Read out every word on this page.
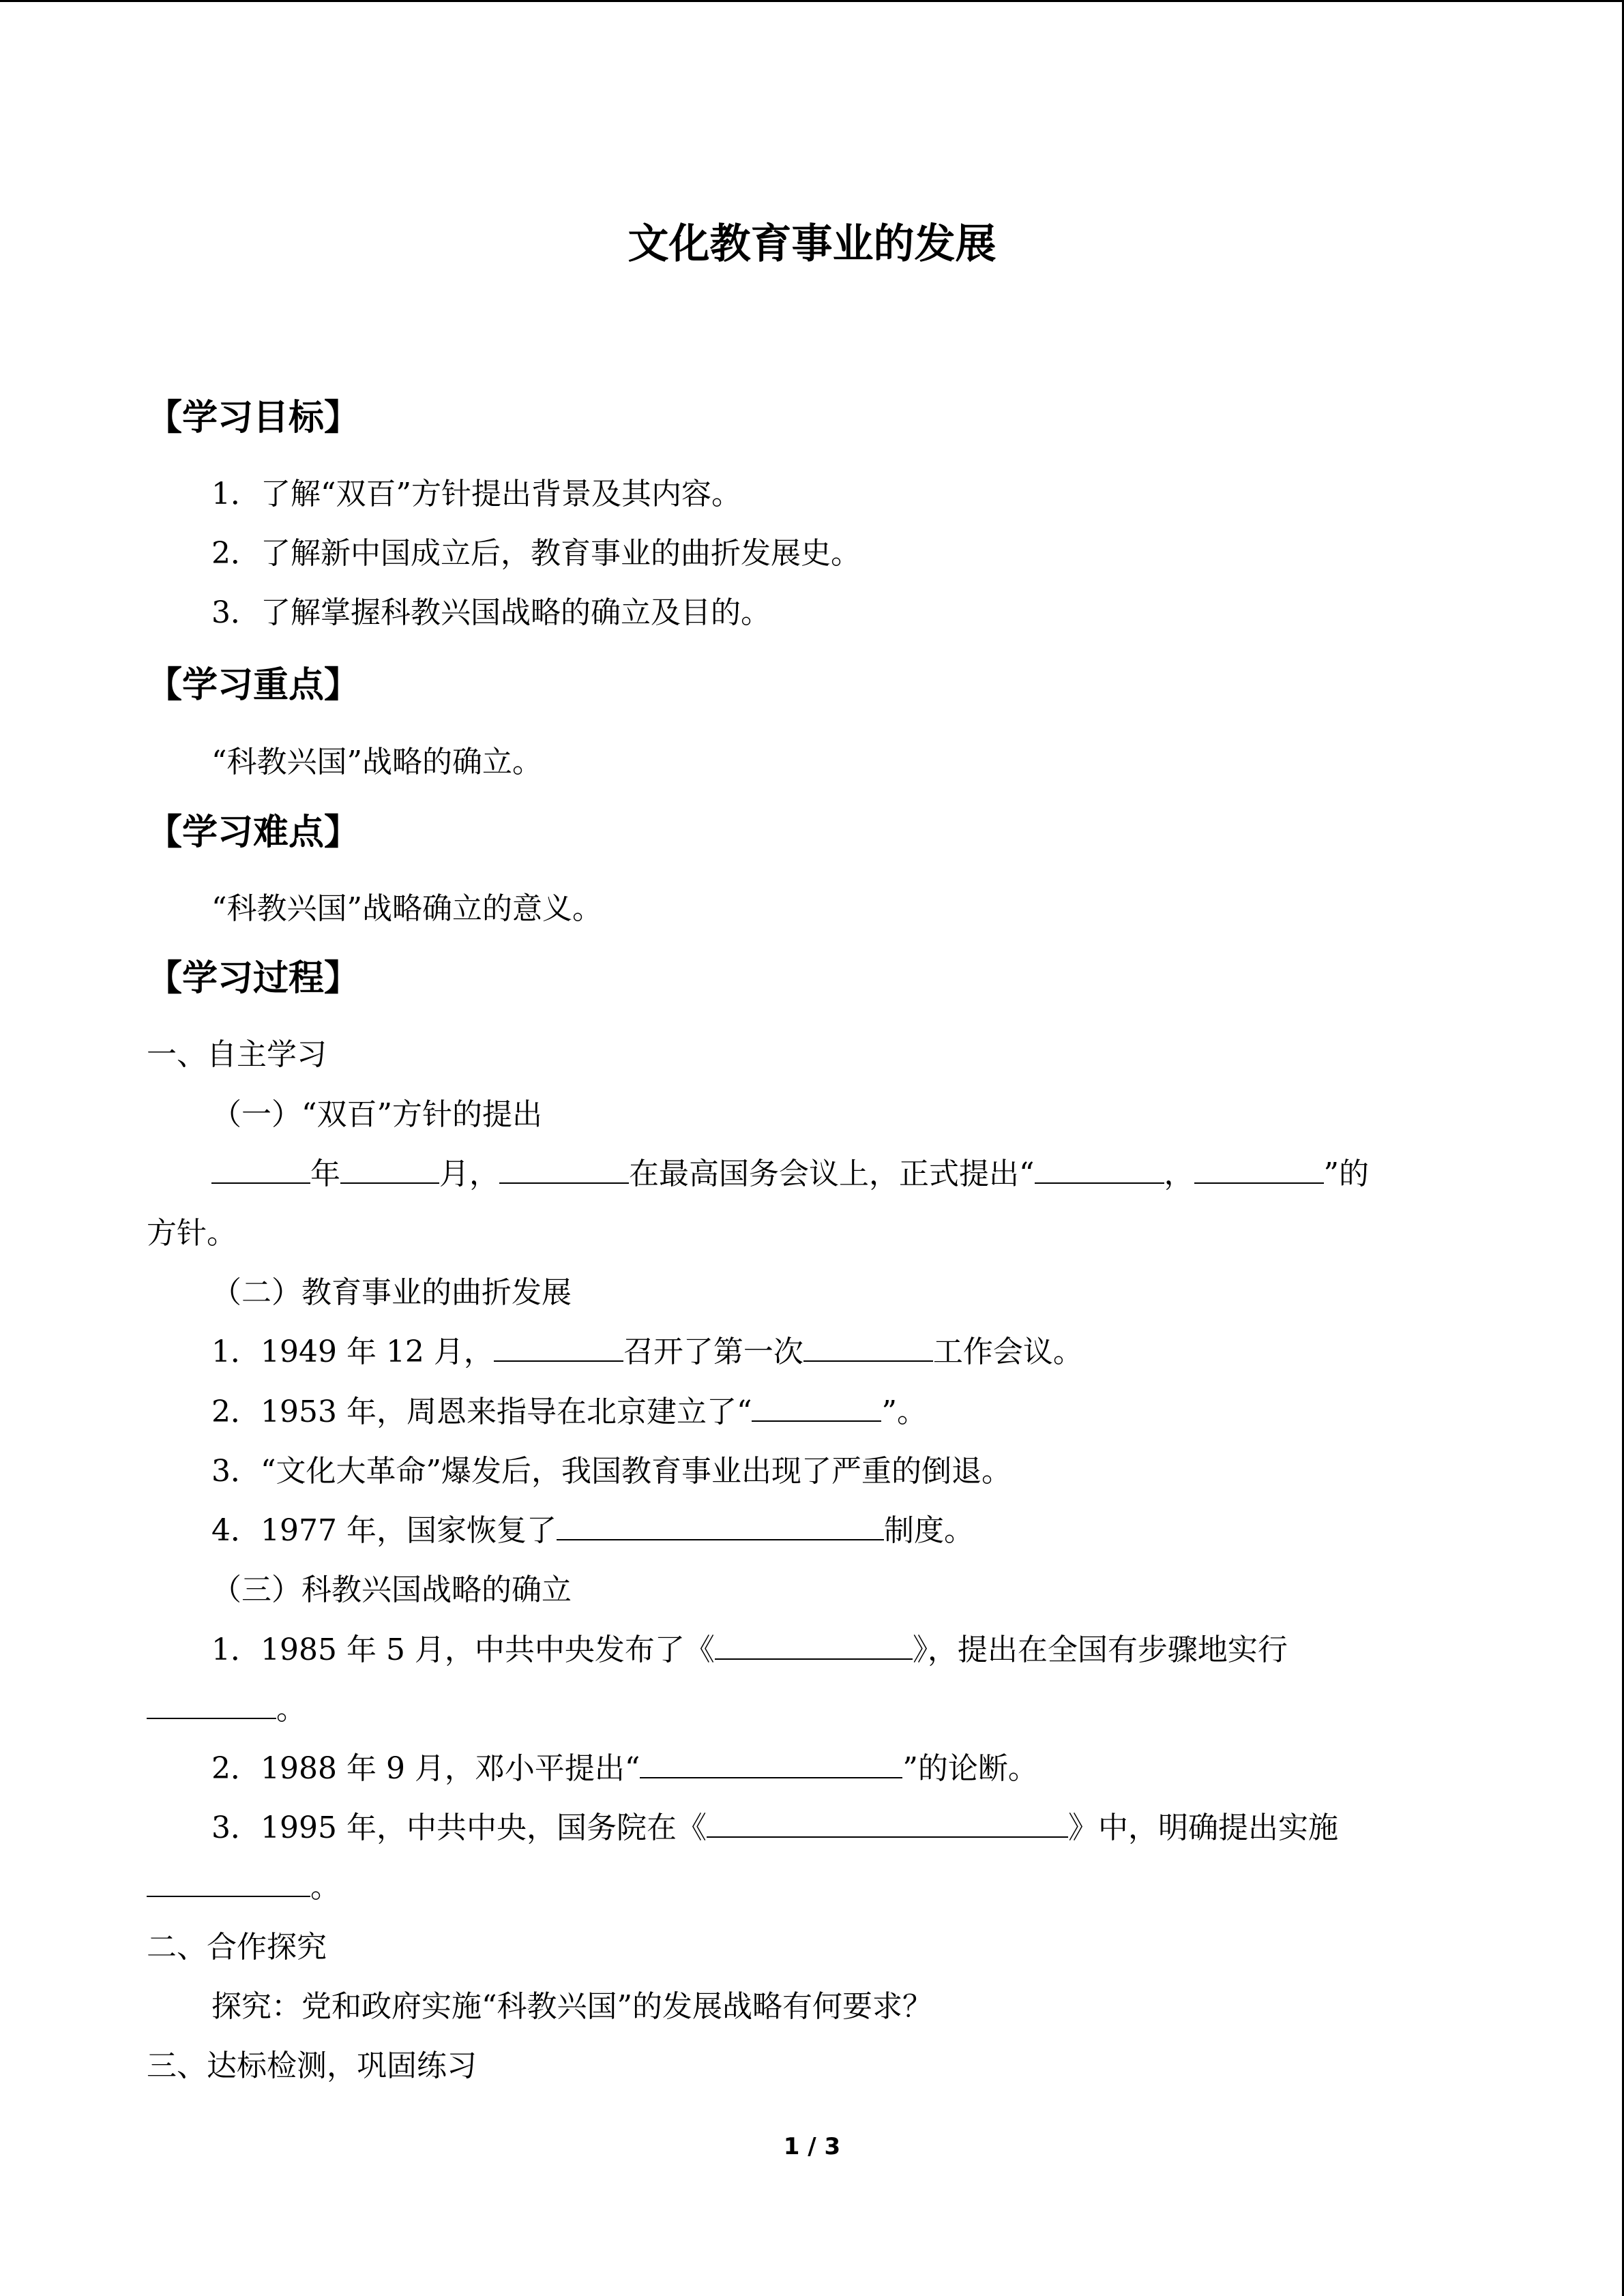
文化教育事业的发展
【学习目标】
1．了解“双百”方针提出背景及其内容。
2．了解新中国成立后，教育事业的曲折发展史。
3．了解掌握科教兴国战略的确立及目的。
【学习重点】
“科教兴国”战略的确立。
【学习难点】
“科教兴国”战略确立的意义。
【学习过程】
一、自主学习
（一）“双百”方针的提出
年	月，	在最高国务会议上，正式提出“	，	”的
方针。
（二）教育事业的曲折发展
1．1949 年 12 月，	召开了第一次	工作会议。
2．1953 年，周恩来指导在北京建立了“	”。
3．“文化大革命”爆发后，我国教育事业出现了严重的倒退。
4．1977 年，国家恢复了	制度。
（三）科教兴国战略的确立
1．1985 年 5 月，中共中央发布了《	》，提出在全国有步骤地实行
。
2．1988 年 9 月，邓小平提出“	”的论断。
3．1995 年，中共中央，国务院在《	》中，明确提出实施
。
二、合作探究
探究：党和政府实施“科教兴国”的发展战略有何要求？
三、达标检测，巩固练习
1 / 3
